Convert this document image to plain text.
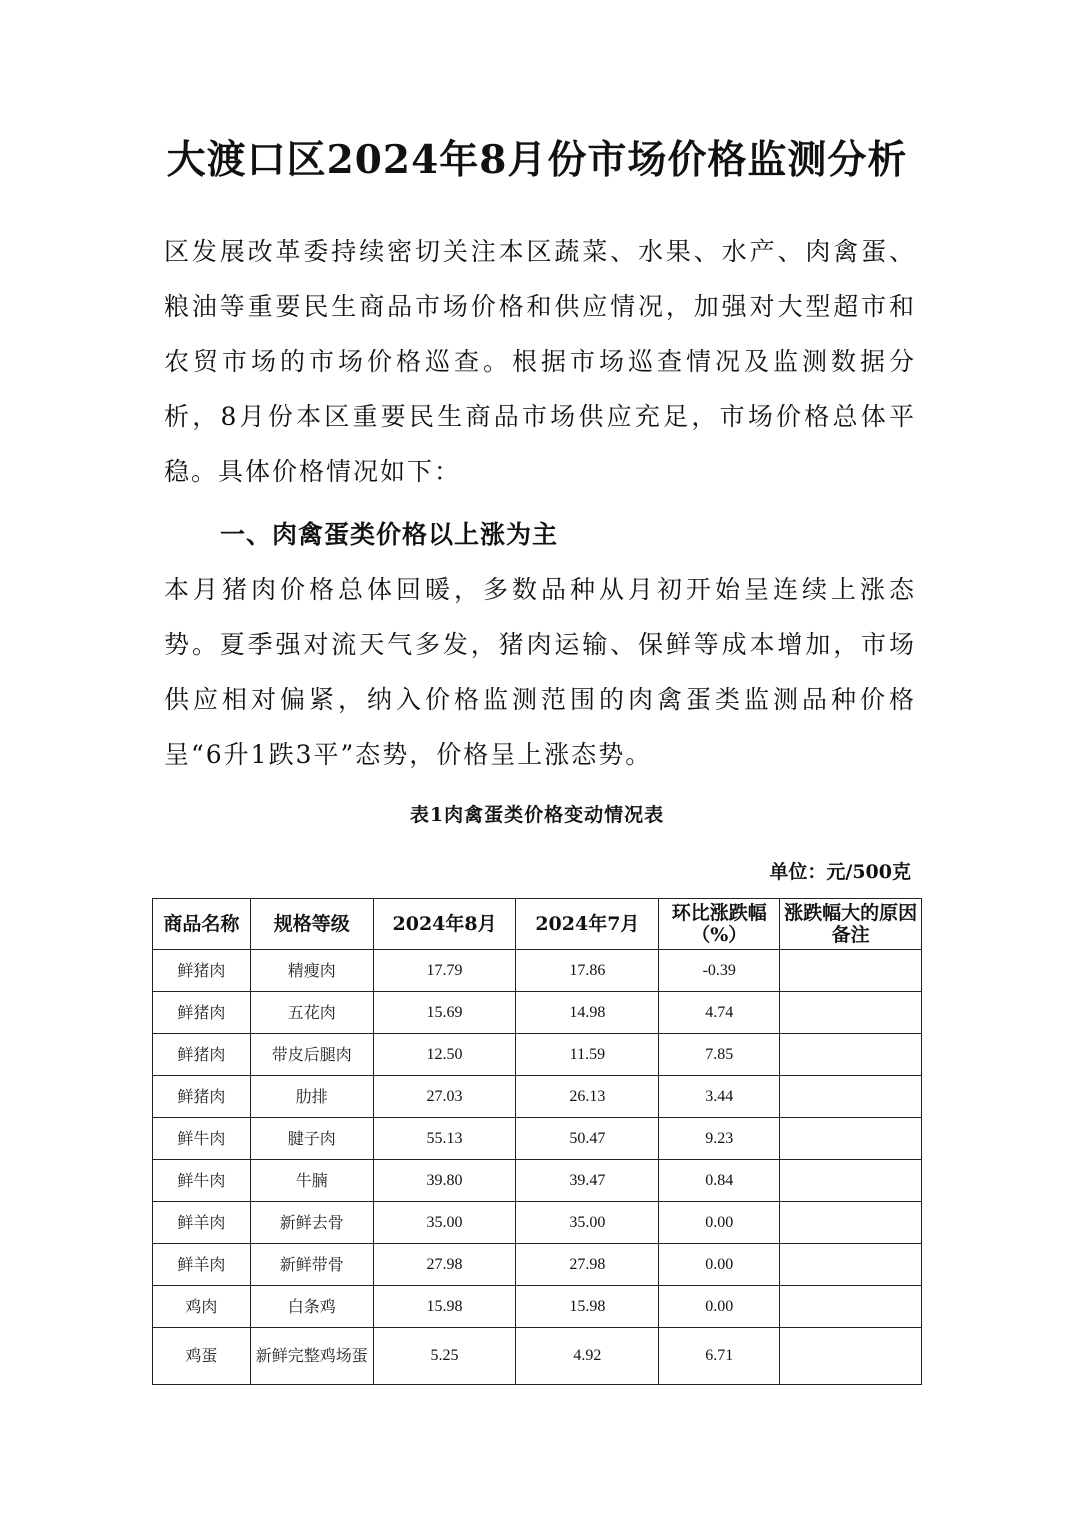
大渡口区2024年8月份市场价格监测分析

区发展改革委持续密切关注本区蔬菜、水果、水产、肉禽蛋、粮油等重要民生商品市场价格和供应情况，加强对大型超市和农贸市场的市场价格巡查。根据市场巡查情况及监测数据分析，8月份本区重要民生商品市场供应充足，市场价格总体平稳。具体价格情况如下：

一、肉禽蛋类价格以上涨为主

本月猪肉价格总体回暖，多数品种从月初开始呈连续上涨态势。夏季强对流天气多发，猪肉运输、保鲜等成本增加，市场供应相对偏紧，纳入价格监测范围的肉禽蛋类监测品种价格呈“6升1跌3平”态势，价格呈上涨态势。

表1肉禽蛋类价格变动情况表
单位：元/500克
商品名称	规格等级	2024年8月	2024年7月	环比涨跌幅（%）	涨跌幅大的原因备注
鲜猪肉	精瘦肉	17.79	17.86	-0.39	
鲜猪肉	五花肉	15.69	14.98	4.74	
鲜猪肉	带皮后腿肉	12.50	11.59	7.85	
鲜猪肉	肋排	27.03	26.13	3.44	
鲜牛肉	腱子肉	55.13	50.47	9.23	
鲜牛肉	牛腩	39.80	39.47	0.84	
鲜羊肉	新鲜去骨	35.00	35.00	0.00	
鲜羊肉	新鲜带骨	27.98	27.98	0.00	
鸡肉	白条鸡	15.98	15.98	0.00	
鸡蛋	新鲜完整鸡场蛋	5.25	4.92	6.71	
